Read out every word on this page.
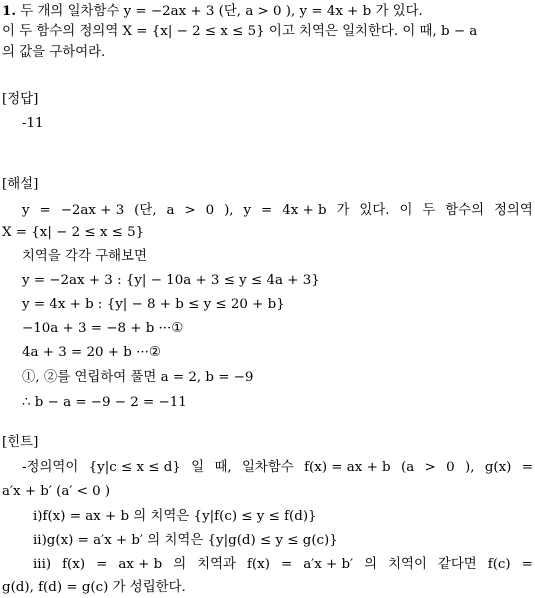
1. 두 개의 일차함수 y = −2ax + 3 (단, a > 0 ), y = 4x + b 가 있다.
이 두 함수의 정의역 X = {x| − 2 ≤ x ≤ 5} 이고 치역은 일치한다. 이 때, b − a
의 값을 구하여라.
[정답]
-11
[해설]
y = −2ax + 3 (단, a > 0 ), y = 4x + b 가 있다. 이 두 함수의 정의역
X = {x| − 2 ≤ x ≤ 5}
치역을 각각 구해보면
y = −2ax + 3 : {y| − 10a + 3 ≤ y ≤ 4a + 3}
y = 4x + b : {y| − 8 + b ≤ y ≤ 20 + b}
−10a + 3 = −8 + b ···①
4a + 3 = 20 + b ···②
①, ②를 연립하여 풀면 a = 2, b = −9
∴ b − a = −9 − 2 = −11
[힌트]
-정의역이 {y|c ≤ x ≤ d} 일 때, 일차함수 f(x) = ax + b (a > 0 ), g(x) =
a′x + b′ (a′ < 0 )
i)f(x) = ax + b 의 치역은 {y|f(c) ≤ y ≤ f(d)}
ii)g(x) = a′x + b′ 의 치역은 {y|g(d) ≤ y ≤ g(c)}
iii) f(x) = ax + b 의 치역과 f(x) = a′x + b′ 의 치역이 같다면 f(c) =
g(d), f(d) = g(c) 가 성립한다.
